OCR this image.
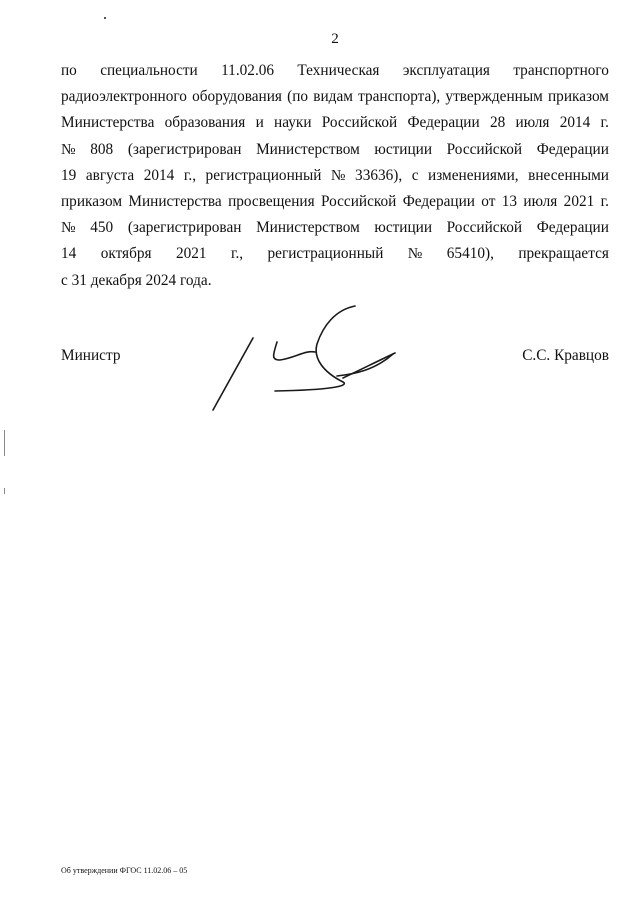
2
по специальности 11.02.06 Техническая эксплуатация транспортного
радиоэлектронного оборудования (по видам транспорта), утвержденным приказом
Министерства образования и науки Российской Федерации 28 июля 2014 г.
№ 808 (зарегистрирован Министерством юстиции Российской Федерации
19 августа 2014 г., регистрационный № 33636), с изменениями, внесенными
приказом Министерства просвещения Российской Федерации от 13 июля 2021 г.
№ 450 (зарегистрирован Министерством юстиции Российской Федерации
14 октября 2021 г., регистрационный № 65410), прекращается
с 31 декабря 2024 года.
Министр	С.С. Кравцов
Об утверждении ФГОС 11.02.06 – 05
